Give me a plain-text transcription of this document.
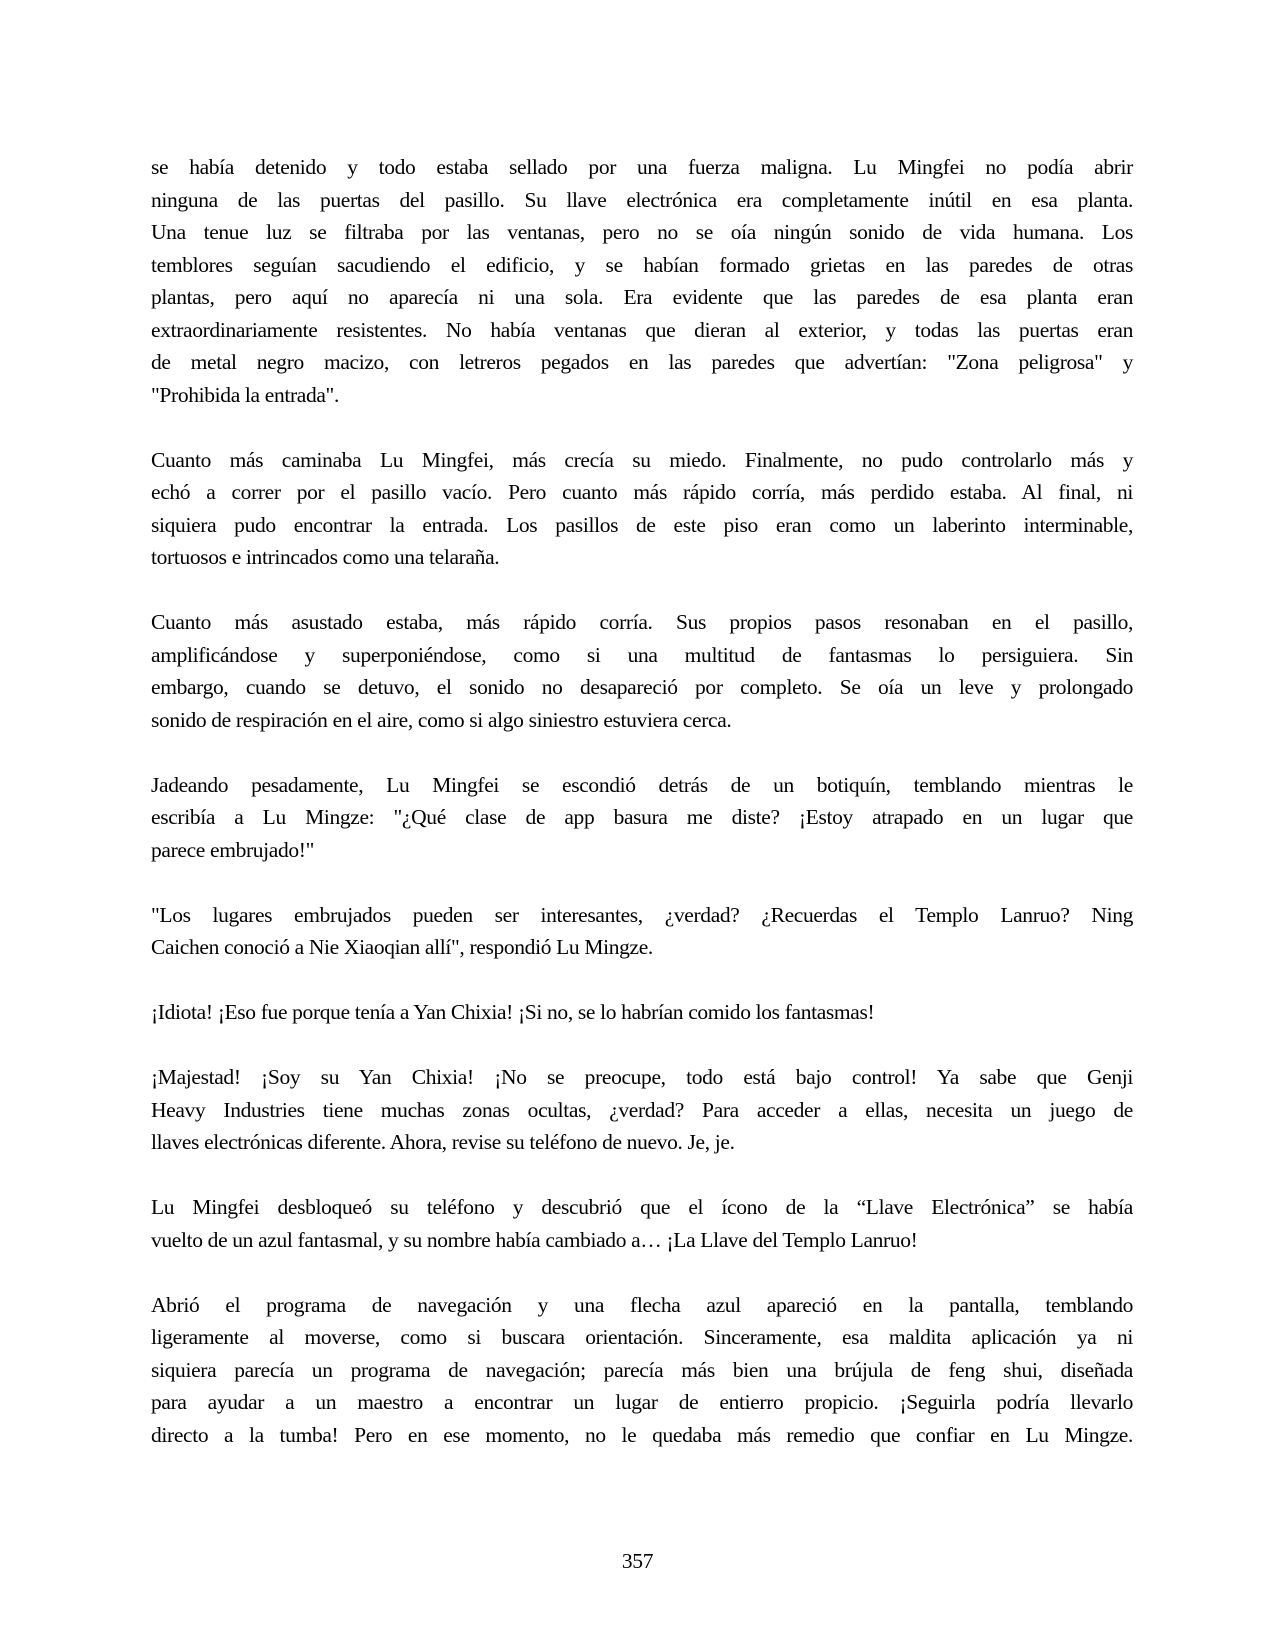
se había detenido y todo estaba sellado por una fuerza maligna. Lu Mingfei no podía abrir
ninguna de las puertas del pasillo. Su llave electrónica era completamente inútil en esa planta.
Una tenue luz se filtraba por las ventanas, pero no se oía ningún sonido de vida humana. Los
temblores seguían sacudiendo el edificio, y se habían formado grietas en las paredes de otras
plantas, pero aquí no aparecía ni una sola. Era evidente que las paredes de esa planta eran
extraordinariamente resistentes. No había ventanas que dieran al exterior, y todas las puertas eran
de metal negro macizo, con letreros pegados en las paredes que advertían: "Zona peligrosa" y
"Prohibida la entrada".

Cuanto más caminaba Lu Mingfei, más crecía su miedo. Finalmente, no pudo controlarlo más y
echó a correr por el pasillo vacío. Pero cuanto más rápido corría, más perdido estaba. Al final, ni
siquiera pudo encontrar la entrada. Los pasillos de este piso eran como un laberinto interminable,
tortuosos e intrincados como una telaraña.

Cuanto más asustado estaba, más rápido corría. Sus propios pasos resonaban en el pasillo,
amplificándose y superponiéndose, como si una multitud de fantasmas lo persiguiera. Sin
embargo, cuando se detuvo, el sonido no desapareció por completo. Se oía un leve y prolongado
sonido de respiración en el aire, como si algo siniestro estuviera cerca.

Jadeando pesadamente, Lu Mingfei se escondió detrás de un botiquín, temblando mientras le
escribía a Lu Mingze: "¿Qué clase de app basura me diste? ¡Estoy atrapado en un lugar que
parece embrujado!"

"Los lugares embrujados pueden ser interesantes, ¿verdad? ¿Recuerdas el Templo Lanruo? Ning
Caichen conoció a Nie Xiaoqian allí", respondió Lu Mingze.

¡Idiota! ¡Eso fue porque tenía a Yan Chixia! ¡Si no, se lo habrían comido los fantasmas!

¡Majestad! ¡Soy su Yan Chixia! ¡No se preocupe, todo está bajo control! Ya sabe que Genji
Heavy Industries tiene muchas zonas ocultas, ¿verdad? Para acceder a ellas, necesita un juego de
llaves electrónicas diferente. Ahora, revise su teléfono de nuevo. Je, je.

Lu Mingfei desbloqueó su teléfono y descubrió que el ícono de la “Llave Electrónica” se había
vuelto de un azul fantasmal, y su nombre había cambiado a… ¡La Llave del Templo Lanruo!

Abrió el programa de navegación y una flecha azul apareció en la pantalla, temblando
ligeramente al moverse, como si buscara orientación. Sinceramente, esa maldita aplicación ya ni
siquiera parecía un programa de navegación; parecía más bien una brújula de feng shui, diseñada
para ayudar a un maestro a encontrar un lugar de entierro propicio. ¡Seguirla podría llevarlo
directo a la tumba! Pero en ese momento, no le quedaba más remedio que confiar en Lu Mingze.

357
